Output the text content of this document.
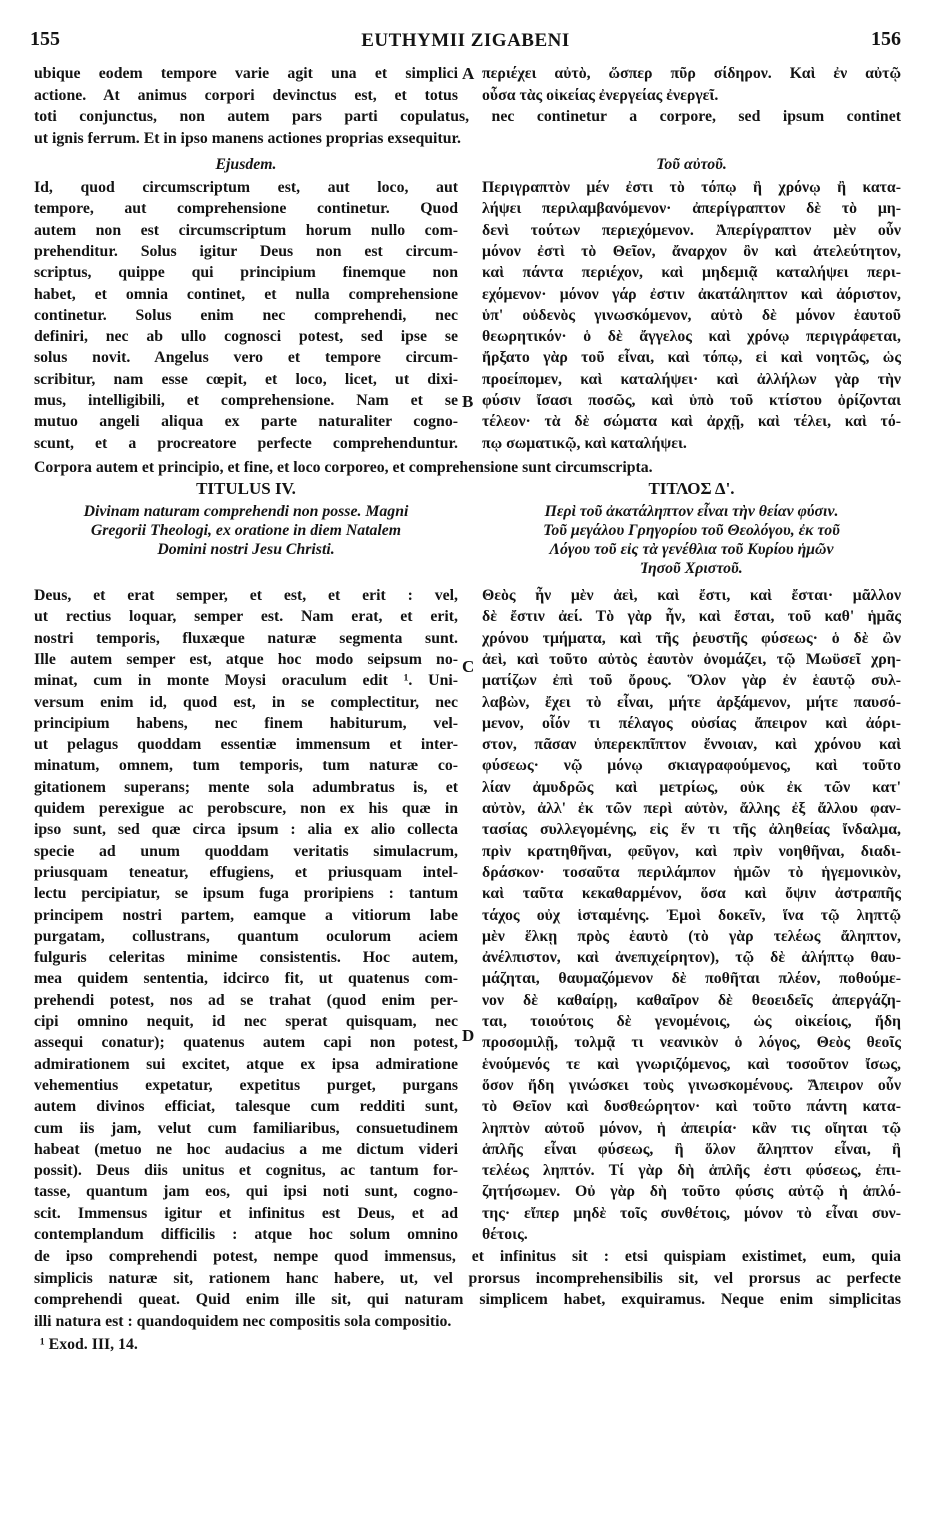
155	EUTHYMII ZIGABENI	156
ubique eodem tempore varie agit una et simplici
actione. At animus corpori devinctus est, et totus
περιέχει αὐτὸ, ὥσπερ πῦρ σίδηρον. Καὶ ἐν αὐτῷ
οὖσα τὰς οἰκείας ἐνεργείας ἐνεργεῖ.
toti conjunctus, non autem pars parti copulatus, nec continetur a corpore, sed ipsum continet
ut ignis ferrum. Et in ipso manens actiones proprias exsequitur.
Ejusdem.	Τοῦ αὐτοῦ.
Id, quod circumscriptum est, aut loco, aut
tempore, aut comprehensione continetur. Quod
autem non est circumscriptum horum nullo com-
prehenditur. Solus igitur Deus non est circum-
scriptus, quippe qui principium finemque non
habet, et omnia continet, et nulla comprehensione
continetur. Solus enim nec comprehendi, nec
definiri, nec ab ullo cognosci potest, sed ipse se
solus novit. Angelus vero et tempore circum-
scribitur, nam esse cœpit, et loco, licet, ut dixi-
mus, intelligibili, et comprehensione. Nam et se
mutuo angeli aliqua ex parte naturaliter cogno-
scunt, et a procreatore perfecte comprehenduntur.
Περιγραπτὸν μέν ἐστι τὸ τόπῳ ἢ χρόνῳ ἢ κατα-
λήψει περιλαμβανόμενον· ἀπερίγραπτον δὲ τὸ μη-
δενὶ τούτων περιεχόμενον. Ἀπερίγραπτον μὲν οὖν
μόνον ἐστὶ τὸ Θεῖον, ἄναρχον ὂν καὶ ἀτελεύτητον,
καὶ πάντα περιέχον, καὶ μηδεμιᾷ καταλήψει περι-
εχόμενον· μόνον γάρ ἐστιν ἀκατάληπτον καὶ ἀόριστον,
ὑπ' οὐδενὸς γινωσκόμενον, αὐτὸ δὲ μόνον ἑαυτοῦ
θεωρητικόν· ὁ δὲ ἄγγελος καὶ χρόνῳ περιγράφεται,
ἤρξατο γὰρ τοῦ εἶναι, καὶ τόπῳ, εἰ καὶ νοητῶς, ὡς
προείπομεν, καὶ καταλήψει· καὶ ἀλλήλων γὰρ τὴν
φύσιν ἴσασι ποσῶς, καὶ ὑπὸ τοῦ κτίστου ὁρίζονται
τέλεον· τὰ δὲ σώματα καὶ ἀρχῇ, καὶ τέλει, καὶ τό-
πῳ σωματικῷ, καὶ καταλήψει.
Corpora autem et principio, et fine, et loco corporeo, et comprehensione sunt circumscripta.
TITULUS IV.	ΤΙΤΛΟΣ Δ'.
Divinam naturam comprehendi non posse. Magni
Gregorii Theologi, ex oratione in diem Natalem
Domini nostri Jesu Christi.
Περὶ τοῦ ἀκατάληπτον εἶναι τὴν θείαν φύσιν.
Τοῦ μεγάλου Γρηγορίου τοῦ Θεολόγου, ἐκ τοῦ
Λόγου τοῦ εἰς τὰ γενέθλια τοῦ Κυρίου ἡμῶν
Ἰησοῦ Χριστοῦ.
Deus, et erat semper, et est, et erit : vel,
ut rectius loquar, semper est. Nam erat, et erit,
nostri temporis, fluxæque naturæ segmenta sunt.
Ille autem semper est, atque hoc modo seipsum no-
minat, cum in monte Moysi oraculum edit ¹. Uni-
versum enim id, quod est, in se complectitur, nec
principium habens, nec finem habiturum, vel-
ut pelagus quoddam essentiæ immensum et inter-
minatum, omnem, tum temporis, tum naturæ co-
gitationem superans; mente sola adumbratus is, et
quidem perexigue ac perobscure, non ex his quæ in
ipso sunt, sed quæ circa ipsum : alia ex alio collecta
specie ad unum quoddam veritatis simulacrum,
priusquam teneatur, effugiens, et priusquam intel-
lectu percipiatur, se ipsum fuga proripiens : tantum
principem nostri partem, eamque a vitiorum labe
purgatam, collustrans, quantum oculorum aciem
fulguris celeritas minime consistentis. Hoc autem,
mea quidem sententia, idcirco fit, ut quatenus com-
prehendi potest, nos ad se trahat (quod enim per-
cipi omnino nequit, id nec sperat quisquam, nec
assequi conatur); quatenus autem capi non potest,
admirationem sui excitet, atque ex ipsa admiratione
vehementius expetatur, expetitus purget, purgans
autem divinos efficiat, talesque cum redditi sunt,
cum iis jam, velut cum familiaribus, consuetudinem
habeat (metuo ne hoc audacius a me dictum videri
possit). Deus diis unitus et cognitus, ac tantum for-
tasse, quantum jam eos, qui ipsi noti sunt, cogno-
scit. Immensus igitur et infinitus est Deus, et ad
contemplandum difficilis : atque hoc solum omnino
Θεὸς ἦν μὲν ἀεὶ, καὶ ἔστι, καὶ ἔσται· μᾶλλον
δὲ ἔστιν ἀεί. Τὸ γὰρ ἦν, καὶ ἔσται, τοῦ καθ' ἡμᾶς
χρόνου τμήματα, καὶ τῆς ῥευστῆς φύσεως· ὁ δὲ ὢν
ἀεὶ, καὶ τοῦτο αὐτὸς ἑαυτὸν ὀνομάζει, τῷ Μωϋσεῖ χρη-
ματίζων ἐπὶ τοῦ ὄρους. Ὅλον γὰρ ἐν ἑαυτῷ συλ-
λαβὼν, ἔχει τὸ εἶναι, μήτε ἀρξάμενον, μήτε παυσό-
μενον, οἷόν τι πέλαγος οὐσίας ἄπειρον καὶ ἀόρι-
στον, πᾶσαν ὑπερεκπῖπτον ἔννοιαν, καὶ χρόνου καὶ
φύσεως· νῷ μόνῳ σκιαγραφούμενος, καὶ τοῦτο
λίαν ἀμυδρῶς καὶ μετρίως, οὐκ ἐκ τῶν κατ'
αὐτὸν, ἀλλ' ἐκ τῶν περὶ αὐτὸν, ἄλλης ἐξ ἄλλου φαν-
τασίας συλλεγομένης, εἰς ἕν τι τῆς ἀληθείας ἴνδαλμα,
πρὶν κρατηθῆναι, φεῦγον, καὶ πρὶν νοηθῆναι, διαδι-
δράσκον· τοσαῦτα περιλάμπον ἡμῶν τὸ ἡγεμονικὸν,
καὶ ταῦτα κεκαθαρμένον, ὅσα καὶ ὄψιν ἀστραπῆς
τάχος οὐχ ἱσταμένης. Ἐμοὶ δοκεῖν, ἵνα τῷ ληπτῷ
μὲν ἕλκῃ πρὸς ἑαυτὸ (τὸ γὰρ τελέως ἄληπτον,
ἀνέλπιστον, καὶ ἀνεπιχείρητον), τῷ δὲ ἀλήπτῳ θαυ-
μάζηται, θαυμαζόμενον δὲ ποθῆται πλέον, ποθούμε-
νον δὲ καθαίρῃ, καθαῖρον δὲ θεοειδεῖς ἀπεργάζη-
ται, τοιούτοις δὲ γενομένοις, ὡς οἰκείοις, ἤδη
προσομιλῇ, τολμᾷ τι νεανικὸν ὁ λόγος, Θεὸς θεοῖς
ἑνούμενός τε καὶ γνωριζόμενος, καὶ τοσοῦτον ἴσως,
ὅσον ἤδη γινώσκει τοὺς γινωσκομένους. Ἄπειρον οὖν
τὸ Θεῖον καὶ δυσθεώρητον· καὶ τοῦτο πάντη κατα-
ληπτὸν αὐτοῦ μόνον, ἡ ἀπειρία· κἂν τις οἴηται τῷ
ἁπλῆς εἶναι φύσεως, ἢ ὅλον ἄληπτον εἶναι, ἢ
τελέως ληπτόν. Τί γὰρ δὴ ἁπλῆς ἐστι φύσεως, ἐπι-
ζητήσωμεν. Οὐ γὰρ δὴ τοῦτο φύσις αὐτῷ ἡ ἁπλό-
της· εἴπερ μηδὲ τοῖς συνθέτοις, μόνον τὸ εἶναι συν-
θέτοις.
de ipso comprehendi potest, nempe quod immensus, et infinitus sit : etsi quispiam existimet, eum, quia
simplicis naturæ sit, rationem hanc habere, ut, vel prorsus incomprehensibilis sit, vel prorsus ac perfecte
comprehendi queat. Quid enim ille sit, qui naturam simplicem habet, exquiramus. Neque enim simplicitas
illi natura est : quandoquidem nec compositis sola compositio.
¹ Exod. III, 14.
A
B
C
D
